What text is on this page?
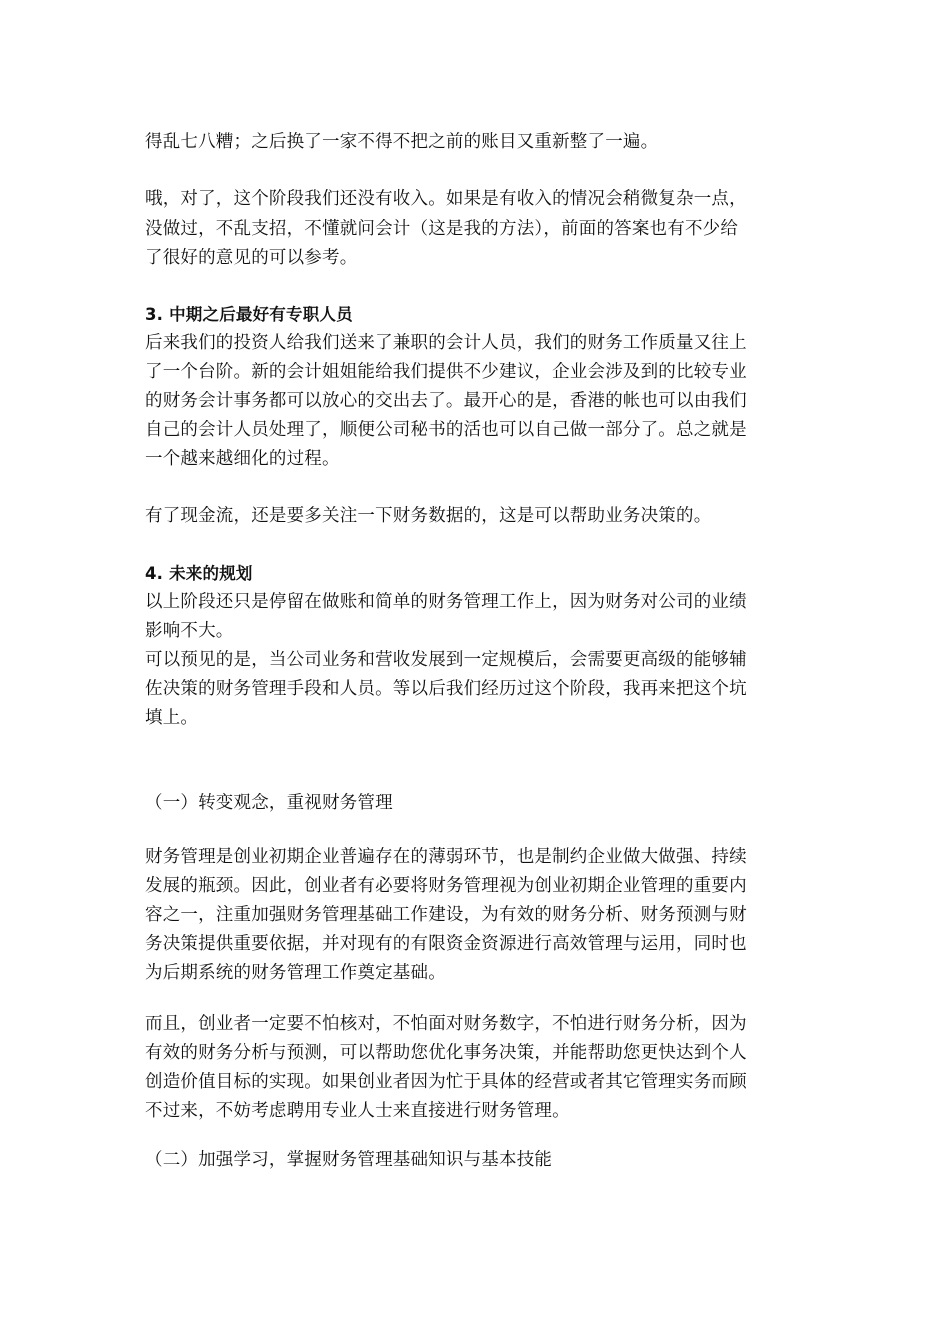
得乱七八糟；之后换了一家不得不把之前的账目又重新整了一遍。
哦，对了，这个阶段我们还没有收入。如果是有收入的情况会稍微复杂一点，
没做过，不乱支招，不懂就问会计（这是我的方法），前面的答案也有不少给
了很好的意见的可以参考。
3. 中期之后最好有专职人员
后来我们的投资人给我们送来了兼职的会计人员，我们的财务工作质量又往上
了一个台阶。新的会计姐姐能给我们提供不少建议，企业会涉及到的比较专业
的财务会计事务都可以放心的交出去了。最开心的是，香港的帐也可以由我们
自己的会计人员处理了，顺便公司秘书的活也可以自己做一部分了。总之就是
一个越来越细化的过程。
有了现金流，还是要多关注一下财务数据的，这是可以帮助业务决策的。
4. 未来的规划
以上阶段还只是停留在做账和简单的财务管理工作上，因为财务对公司的业绩
影响不大。
可以预见的是，当公司业务和营收发展到一定规模后，会需要更高级的能够辅
佐决策的财务管理手段和人员。等以后我们经历过这个阶段，我再来把这个坑
填上。
（一）转变观念，重视财务管理
财务管理是创业初期企业普遍存在的薄弱环节，也是制约企业做大做强、持续
发展的瓶颈。因此，创业者有必要将财务管理视为创业初期企业管理的重要内
容之一，注重加强财务管理基础工作建设，为有效的财务分析、财务预测与财
务决策提供重要依据，并对现有的有限资金资源进行高效管理与运用，同时也
为后期系统的财务管理工作奠定基础。
而且，创业者一定要不怕核对，不怕面对财务数字，不怕进行财务分析，因为
有效的财务分析与预测，可以帮助您优化事务决策，并能帮助您更快达到个人
创造价值目标的实现。如果创业者因为忙于具体的经营或者其它管理实务而顾
不过来，不妨考虑聘用专业人士来直接进行财务管理。
（二）加强学习，掌握财务管理基础知识与基本技能
